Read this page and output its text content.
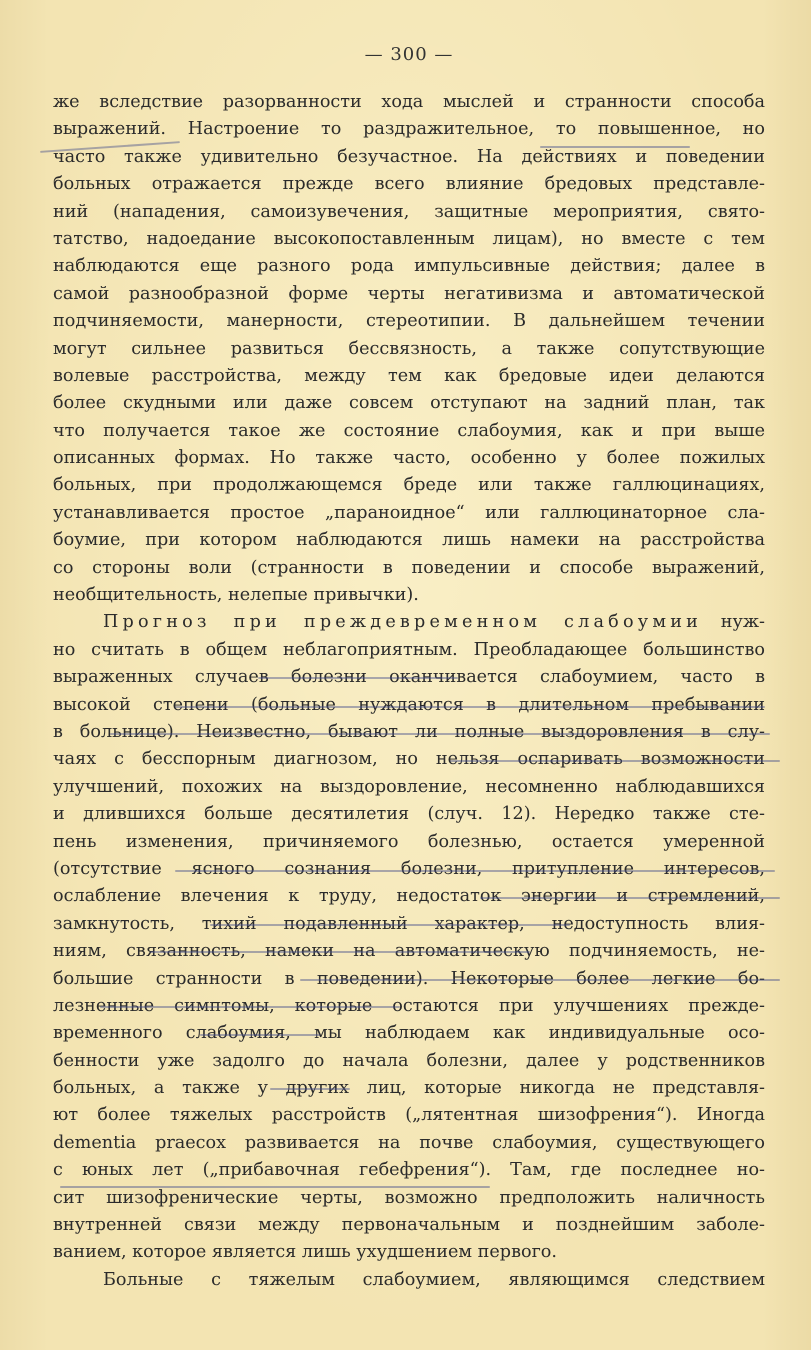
— 300 —
же вследствие разорванности хода мыслей и странности способа
выражений. Настроение то раздражительное, то повышенное, но
часто также удивительно безучастное. На действиях и поведении
больных отражается прежде всего влияние бредовых представле-
ний (нападения, самоизувечения, защитные мероприятия, свято-
татство, надоедание высокопоставленным лицам), но вместе с тем
наблюдаются еще разного рода импульсивные действия; далее в
самой разнообразной форме черты негативизма и автоматической
подчиняемости, манерности, стереотипии. В дальнейшем течении
могут сильнее развиться бессвязность, а также сопутствующие
волевые расстройства, между тем как бредовые идеи делаются
более скудными или даже совсем отступают на задний план, так
что получается такое же состояние слабоумия, как и при выше
описанных формах. Но также часто, особенно у более пожилых
больных, при продолжающемся бреде или также галлюцинациях,
устанавливается простое „параноидное“ или галлюцинаторное сла-
боумие, при котором наблюдаются лишь намеки на расстройства
со стороны воли (странности в поведении и способе выражений,
необщительность, нелепые привычки).
Прогноз при преждевременном слабоумии нуж-
но считать в общем неблагоприятным. Преобладающее большинство
выраженных случаев болезни оканчивается слабоумием, часто в
высокой степени (больные нуждаются в длительном пребывании
в больнице). Неизвестно, бывают ли полные выздоровления в слу-
чаях с бесспорным диагнозом, но нельзя оспаривать возможности
улучшений, похожих на выздоровление, несомненно наблюдавшихся
и длившихся больше десятилетия (случ. 12). Нередко также сте-
пень изменения, причиняемого болезнью, остается умеренной
(отсутствие ясного сознания болезни, притупление интересов,
ослабление влечения к труду, недостаток энергии и стремлений,
замкнутость, тихий подавленный характер, недоступность влия-
ниям, связанность, намеки на автоматическую подчиняемость, не-
большие странности в поведении). Некоторые более легкие бо-
лезненные симптомы, которые остаются при улучшениях прежде-
временного слабоумия, мы наблюдаем как индивидуальные осо-
бенности уже задолго до начала болезни, далее у родственников
больных, а также у других лиц, которые никогда не представля-
ют более тяжелых расстройств („лятентная шизофрения“). Иногда
dementia praecox развивается на почве слабоумия, существующего
с юных лет („прибавочная гебефрения“). Там, где последнее но-
сит шизофренические черты, возможно предположить наличность
внутренней связи между первоначальным и позднейшим заболе-
ванием, которое является лишь ухудшением первого.
Больные с тяжелым слабоумием, являющимся следствием
